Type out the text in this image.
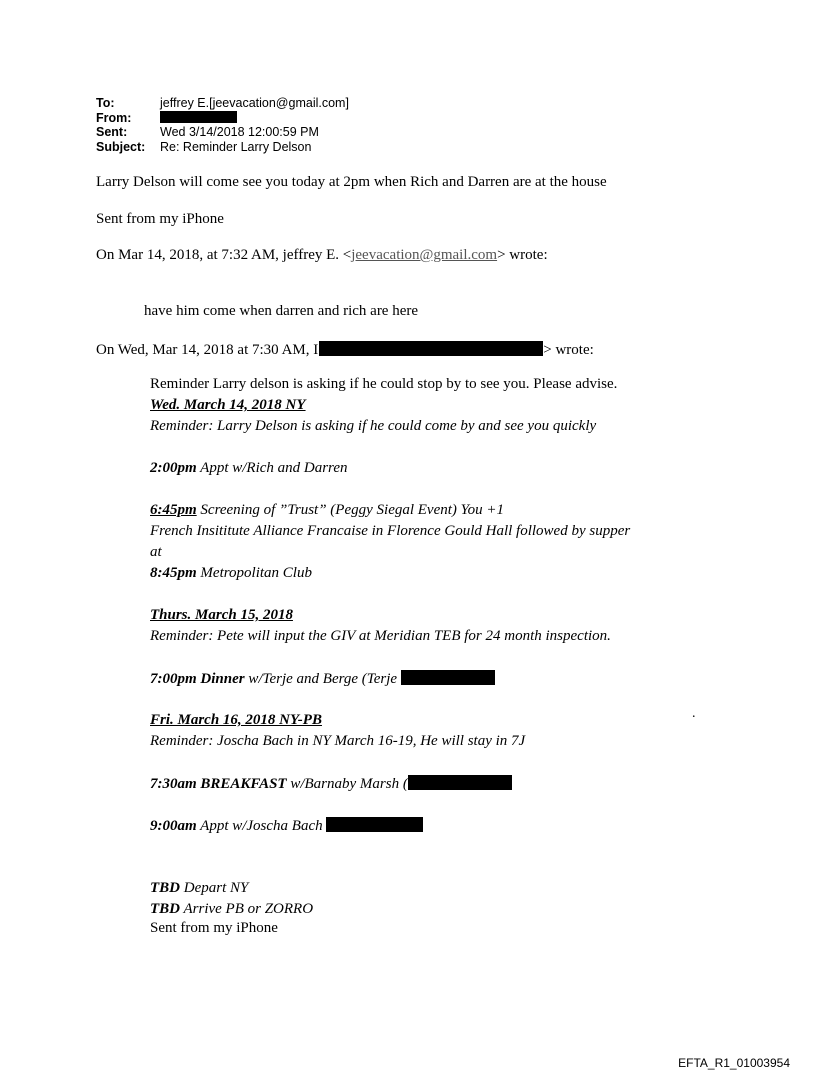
To:	jeffrey E.[jeevacation@gmail.com]
From:
Sent:	Wed 3/14/2018 12:00:59 PM
Subject:	Re: Reminder Larry Delson
Larry Delson will come see you today at 2pm when Rich and Darren are at the house
Sent from my iPhone
On Mar 14, 2018, at 7:32 AM, jeffrey E. <jeevacation@gmail.com> wrote:
have him come when darren and rich are here
On Wed, Mar 14, 2018 at 7:30 AM, I	> wrote:
Reminder Larry delson is asking if he could stop by to see you. Please advise.
Wed. March 14, 2018 NY
Reminder: Larry Delson is asking if he could come by and see you quickly
2:00pm Appt w/Rich and Darren
6:45pm Screening of ”Trust” (Peggy Siegal Event) You +1
French Insititute Alliance Francaise in Florence Gould Hall followed by supper
at
8:45pm Metropolitan Club
Thurs. March 15, 2018
Reminder: Pete will input the GIV at Meridian TEB for 24 month inspection.
7:00pm Dinner w/Terje and Berge (Terje
Fri. March 16, 2018 NY-PB
Reminder: Joscha Bach in NY March 16-19, He will stay in 7J
7:30am BREAKFAST w/Barnaby Marsh (
9:00am Appt w/Joscha Bach
TBD Depart NY
TBD Arrive PB or ZORRO
Sent from my iPhone
.
EFTA_R1_01003954
